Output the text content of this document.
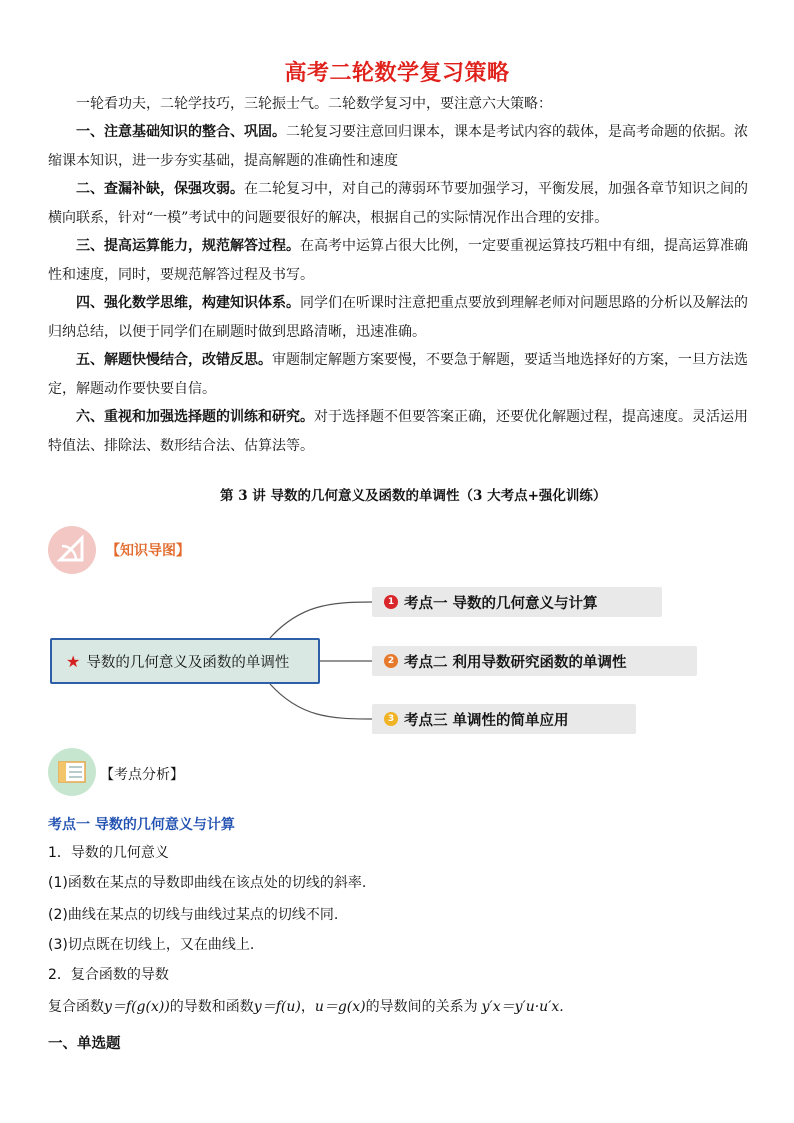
高考二轮数学复习策略
一轮看功夫，二轮学技巧，三轮振士气。二轮数学复习中，要注意六大策略：
一、注意基础知识的整合、巩固。二轮复习要注意回归课本，课本是考试内容的载体，是高考命题的依据。浓缩课本知识，进一步夯实基础，提高解题的准确性和速度
二、查漏补缺，保强攻弱。在二轮复习中，对自己的薄弱环节要加强学习，平衡发展，加强各章节知识之间的横向联系，针对“一模”考试中的问题要很好的解决，根据自己的实际情况作出合理的安排。
三、提高运算能力，规范解答过程。在高考中运算占很大比例，一定要重视运算技巧粗中有细，提高运算准确性和速度，同时，要规范解答过程及书写。
四、强化数学思维，构建知识体系。同学们在听课时注意把重点要放到理解老师对问题思路的分析以及解法的归纳总结，以便于同学们在刷题时做到思路清晰，迅速准确。
五、解题快慢结合，改错反思。审题制定解题方案要慢，不要急于解题，要适当地选择好的方案，一旦方法选定，解题动作要快要自信。
六、重视和加强选择题的训练和研究。对于选择题不但要答案正确，还要优化解题过程，提高速度。灵活运用特值法、排除法、数形结合法、估算法等。
第 3 讲 导数的几何意义及函数的单调性（3 大考点+强化训练）
【知识导图】
★ 导数的几何意义及函数的单调性
1 考点一 导数的几何意义与计算
2 考点二 利用导数研究函数的单调性
3 考点三 单调性的简单应用
【考点分析】
考点一 导数的几何意义与计算
1．导数的几何意义
(1)函数在某点的导数即曲线在该点处的切线的斜率.
(2)曲线在某点的切线与曲线过某点的切线不同.
(3)切点既在切线上，又在曲线上.
2．复合函数的导数
复合函数y＝f(g(x))的导数和函数y＝f(u)，u＝g(x)的导数间的关系为 y′x＝y′u·u′x.
一、单选题
